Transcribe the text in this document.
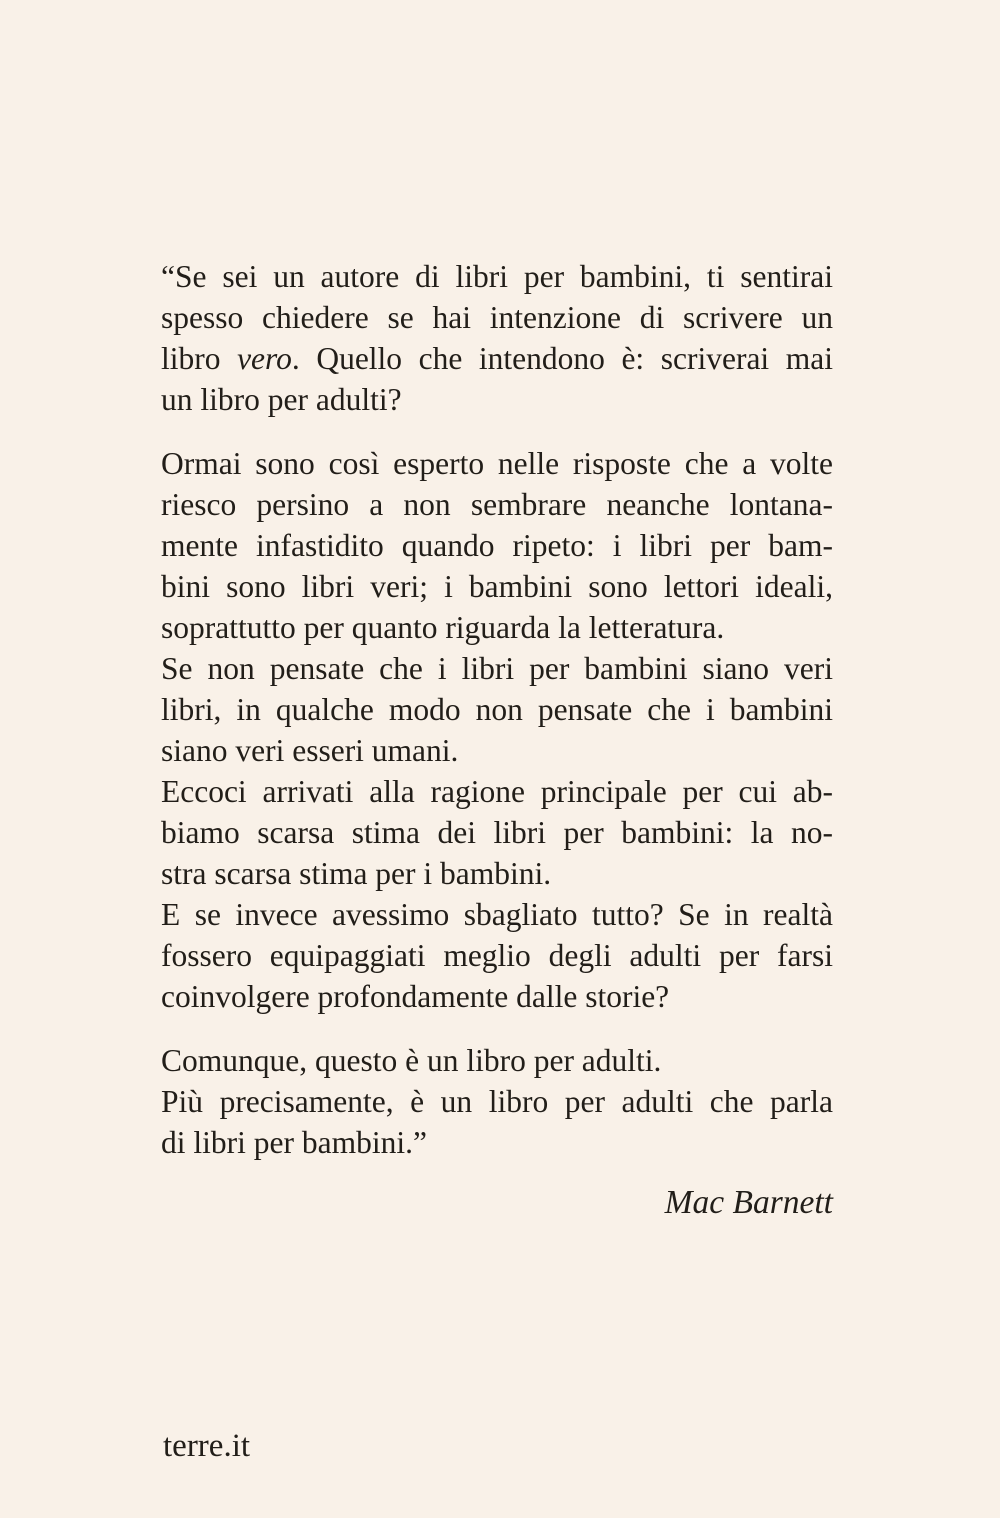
“Se sei un autore di libri per bambini, ti sentirai
spesso chiedere se hai intenzione di scrivere un
libro vero. Quello che intendono è: scriverai mai
un libro per adulti?
Ormai sono così esperto nelle risposte che a volte
riesco persino a non sembrare neanche lontana-
mente infastidito quando ripeto: i libri per bam-
bini sono libri veri; i bambini sono lettori ideali,
soprattutto per quanto riguarda la letteratura.
Se non pensate che i libri per bambini siano veri
libri, in qualche modo non pensate che i bambini
siano veri esseri umani.
Eccoci arrivati alla ragione principale per cui ab-
biamo scarsa stima dei libri per bambini: la no-
stra scarsa stima per i bambini.
E se invece avessimo sbagliato tutto? Se in realtà
fossero equipaggiati meglio degli adulti per farsi
coinvolgere profondamente dalle storie?
Comunque, questo è un libro per adulti.
Più precisamente, è un libro per adulti che parla
di libri per bambini.”
Mac Barnett
terre.it
